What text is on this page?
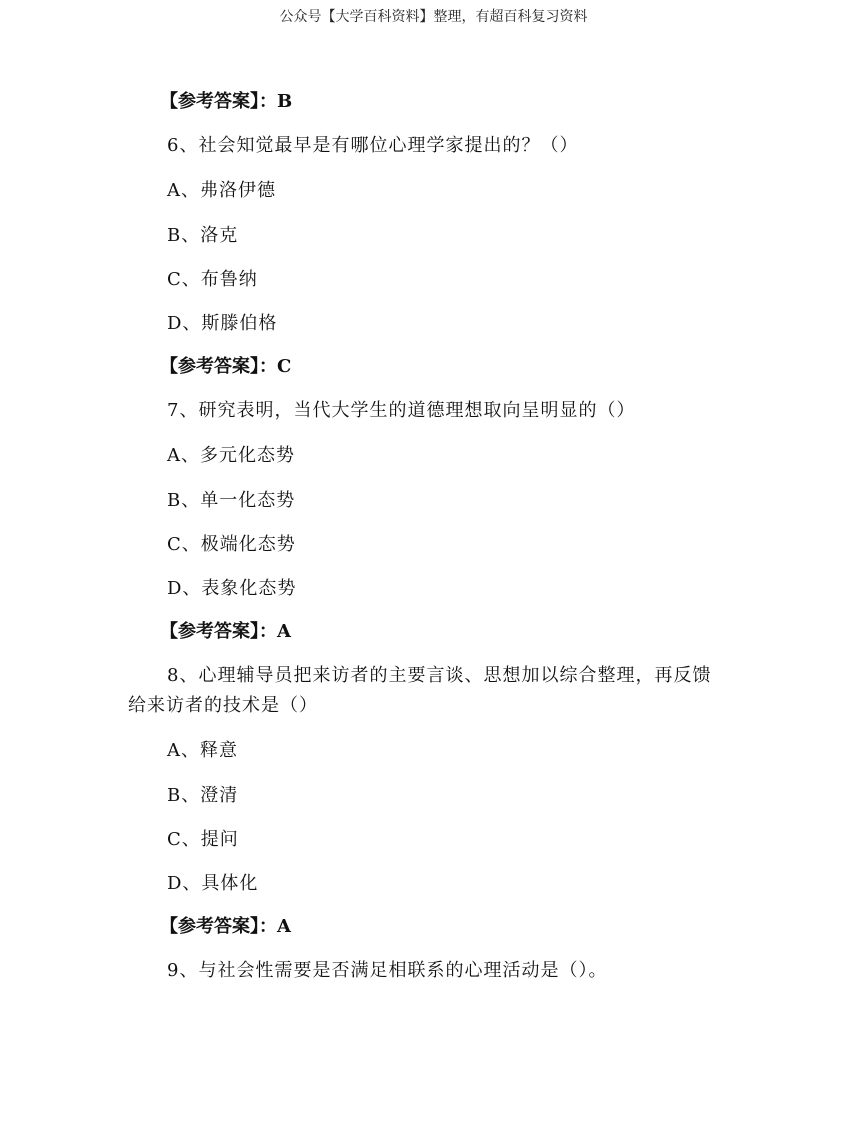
公众号【大学百科资料】整理，有超百科复习资料
【参考答案】：B
6、社会知觉最早是有哪位心理学家提出的？（）
A、弗洛伊德
B、洛克
C、布鲁纳
D、斯滕伯格
【参考答案】：C
7、研究表明，当代大学生的道德理想取向呈明显的（）
A、多元化态势
B、单一化态势
C、极端化态势
D、表象化态势
【参考答案】：A
8、心理辅导员把来访者的主要言谈、思想加以综合整理，再反馈
给来访者的技术是（）
A、释意
B、澄清
C、提问
D、具体化
【参考答案】：A
9、与社会性需要是否满足相联系的心理活动是（）。
